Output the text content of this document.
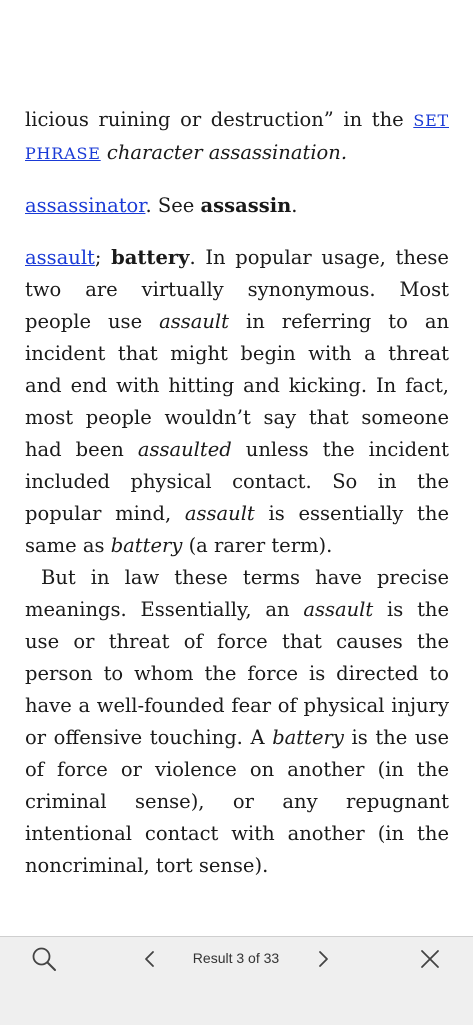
licious ruining or destruction” in the SET PHRASE character assassination.

assassinator. See assassin.

assault; battery. In popular usage, these two are virtually synonymous. Most people use assault in referring to an incident that might begin with a threat and end with hitting and kicking. In fact, most people wouldn’t say that someone had been assaulted unless the incident included physical contact. So in the popular mind, assault is essentially the same as battery (a rarer term).

But in law these terms have precise meanings. Essentially, an assault is the use or threat of force that causes the person to whom the force is directed to have a well-founded fear of physical injury or offensive touching. A battery is the use of force or violence on another (in the criminal sense), or any repugnant intentional contact with another (in the noncriminal, tort sense).

Result 3 of 33
